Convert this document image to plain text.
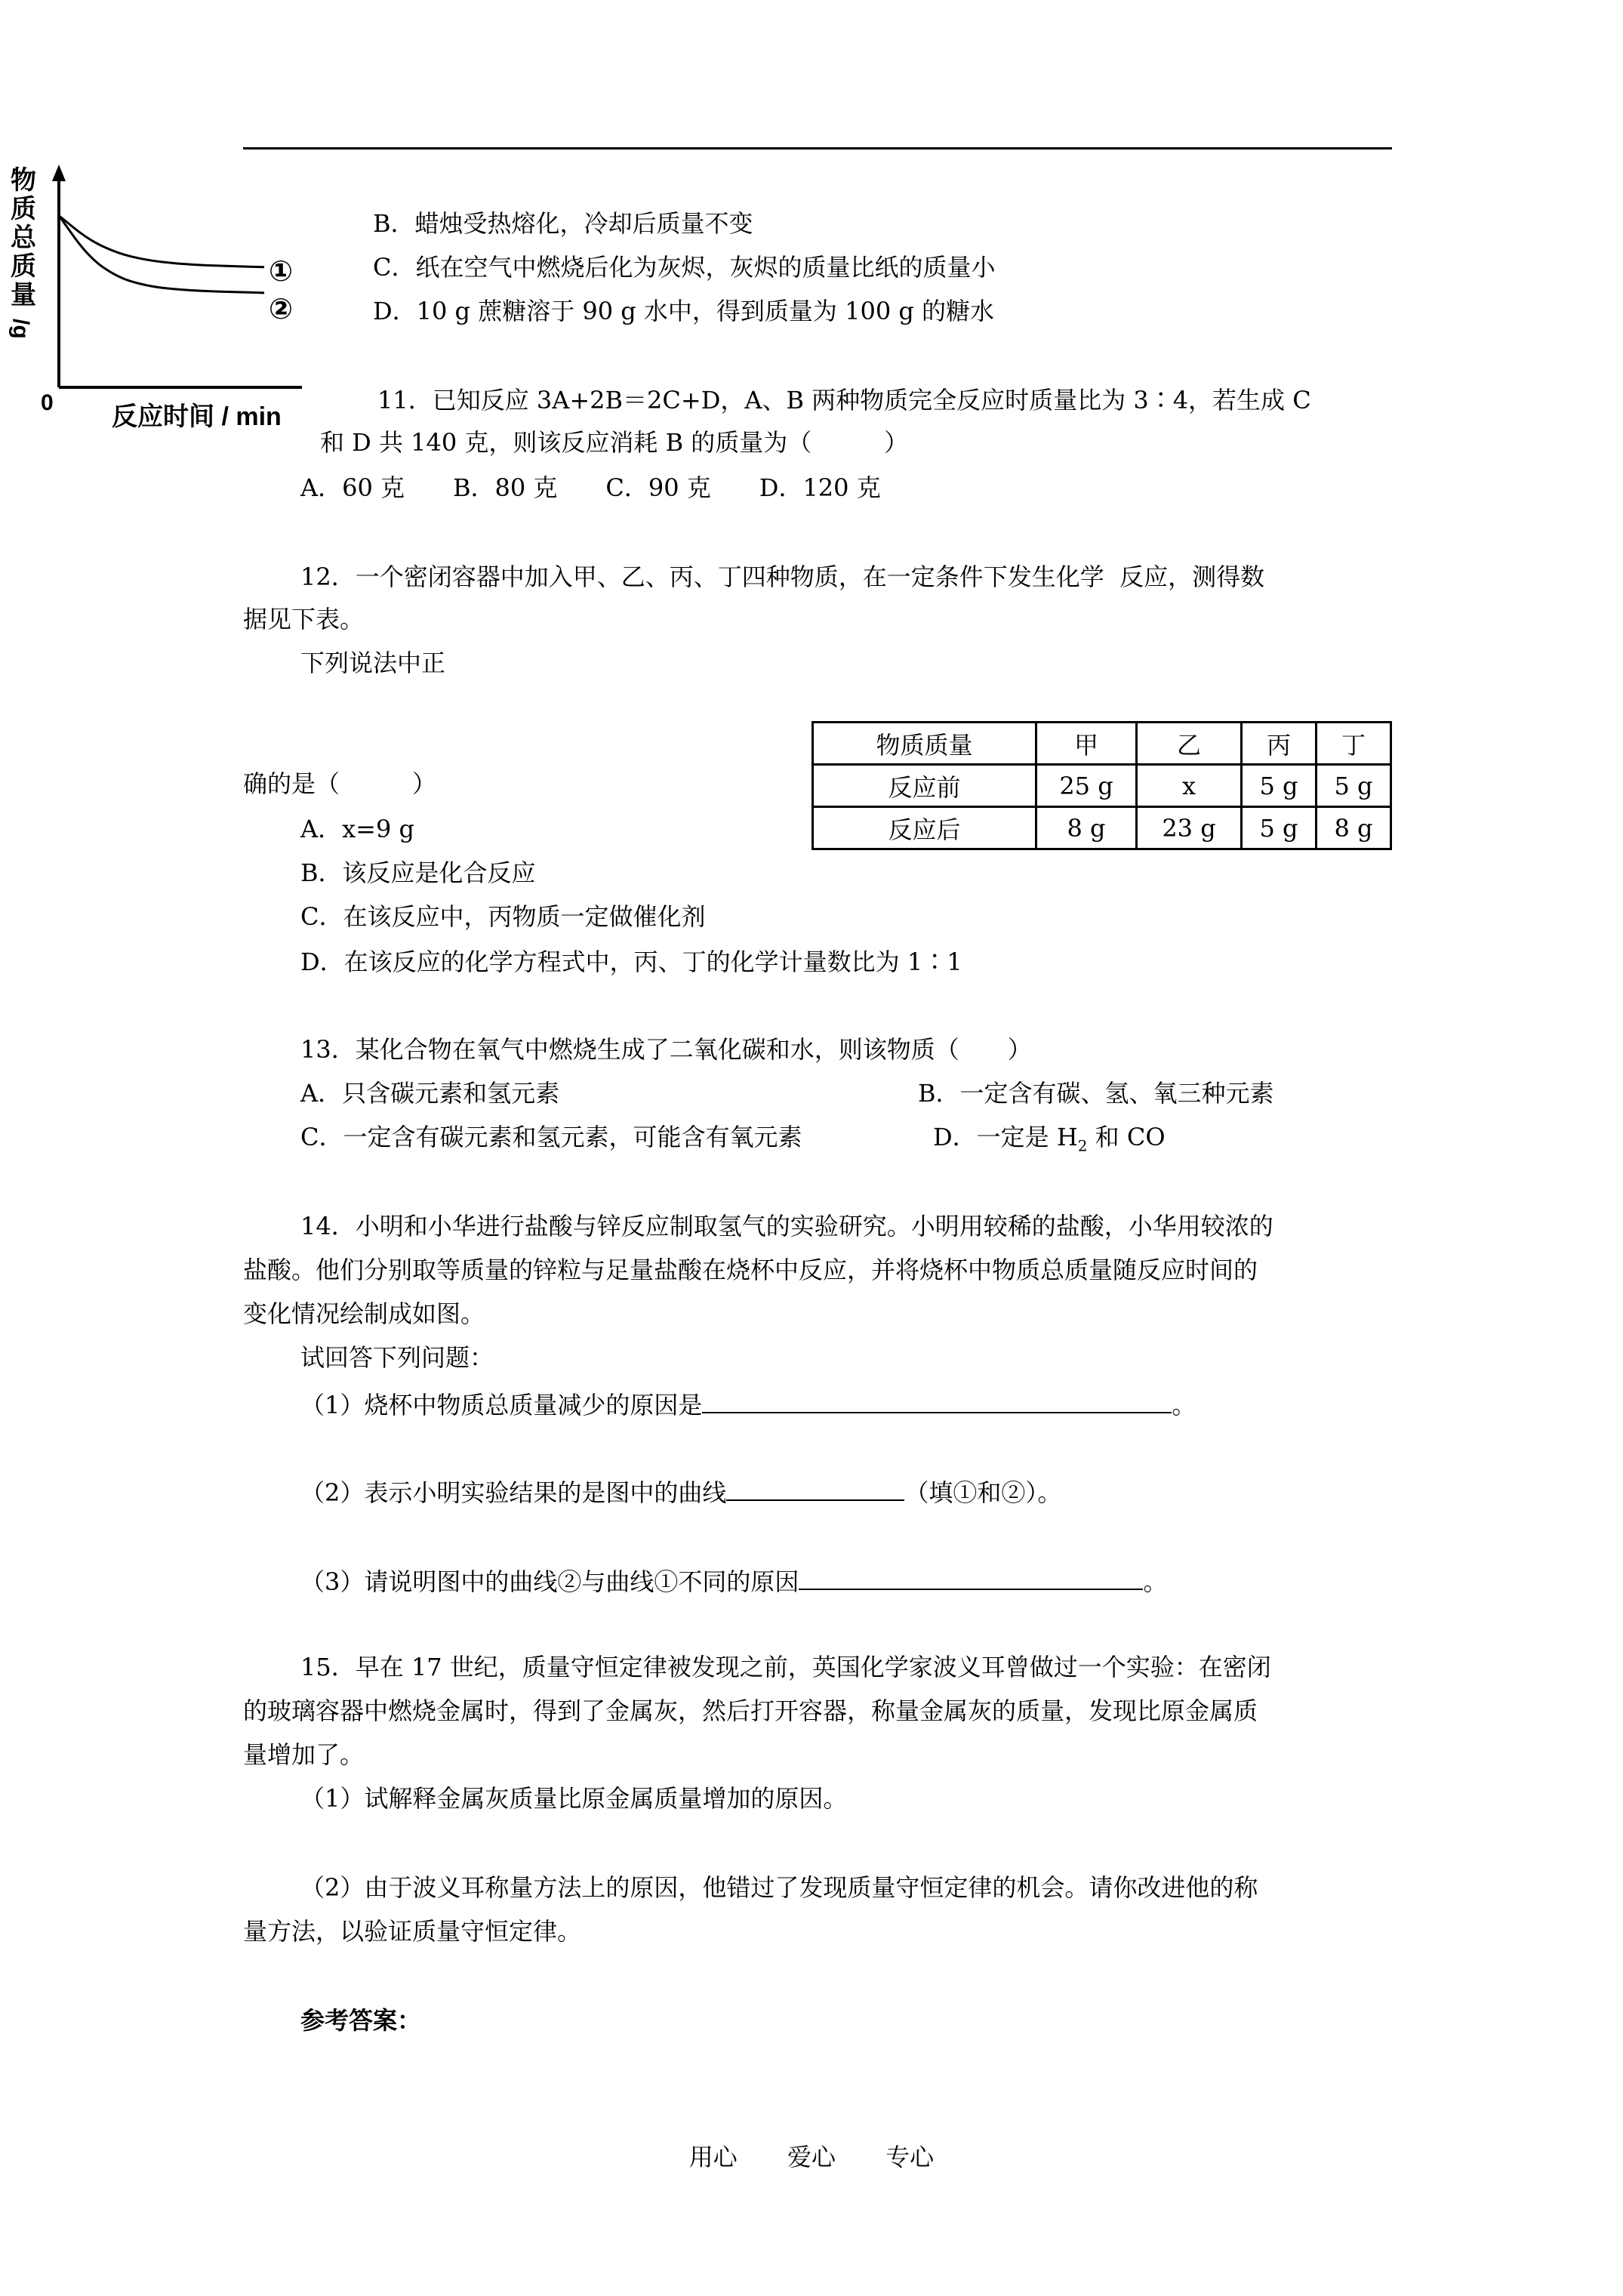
物
质
总
质
量
/g
0 反应时间 / min
①
②
B．蜡烛受热熔化，冷却后质量不变
C．纸在空气中燃烧后化为灰烬，灰烬的质量比纸的质量小
D．10 g 蔗糖溶于 90 g 水中，得到质量为 100 g 的糖水
11．已知反应 3A+2B＝2C+D，A、B 两种物质完全反应时质量比为 3∶4，若生成 C
和 D 共 140 克，则该反应消耗 B 的质量为（　　　）
A．60 克　　B．80 克　　C．90 克　　D．120 克
12．一个密闭容器中加入甲、乙、丙、丁四种物质，在一定条件下发生化学  反应，测得数
据见下表。
下列说法中正
确的是（　　　）
A．x=9 g
B．该反应是化合反应
C．在该反应中，丙物质一定做催化剂
D．在该反应的化学方程式中，丙、丁的化学计量数比为 1∶1
物质质量	甲	乙	丙	丁
反应前	25 g	x	5 g	5 g
反应后	8 g	23 g	5 g	8 g
13．某化合物在氧气中燃烧生成了二氧化碳和水，则该物质（　　）
A．只含碳元素和氢元素	B．一定含有碳、氢、氧三种元素
C．一定含有碳元素和氢元素，可能含有氧元素	D．一定是 $H_2$ 和 CO
14．小明和小华进行盐酸与锌反应制取氢气的实验研究。小明用较稀的盐酸，小华用较浓的
盐酸。他们分别取等质量的锌粒与足量盐酸在烧杯中反应，并将烧杯中物质总质量随反应时间的
变化情况绘制成如图。
试回答下列问题：
（1）烧杯中物质总质量减少的原因是	。
（2）表示小明实验结果的是图中的曲线	（填①和②）。
（3）请说明图中的曲线②与曲线①不同的原因	。
15．早在 17 世纪，质量守恒定律被发现之前，英国化学家波义耳曾做过一个实验：在密闭
的玻璃容器中燃烧金属时，得到了金属灰，然后打开容器，称量金属灰的质量，发现比原金属质
量增加了。
（1）试解释金属灰质量比原金属质量增加的原因。
（2）由于波义耳称量方法上的原因，他错过了发现质量守恒定律的机会。请你改进他的称
量方法，以验证质量守恒定律。
参考答案：
用心 爱心 专心
